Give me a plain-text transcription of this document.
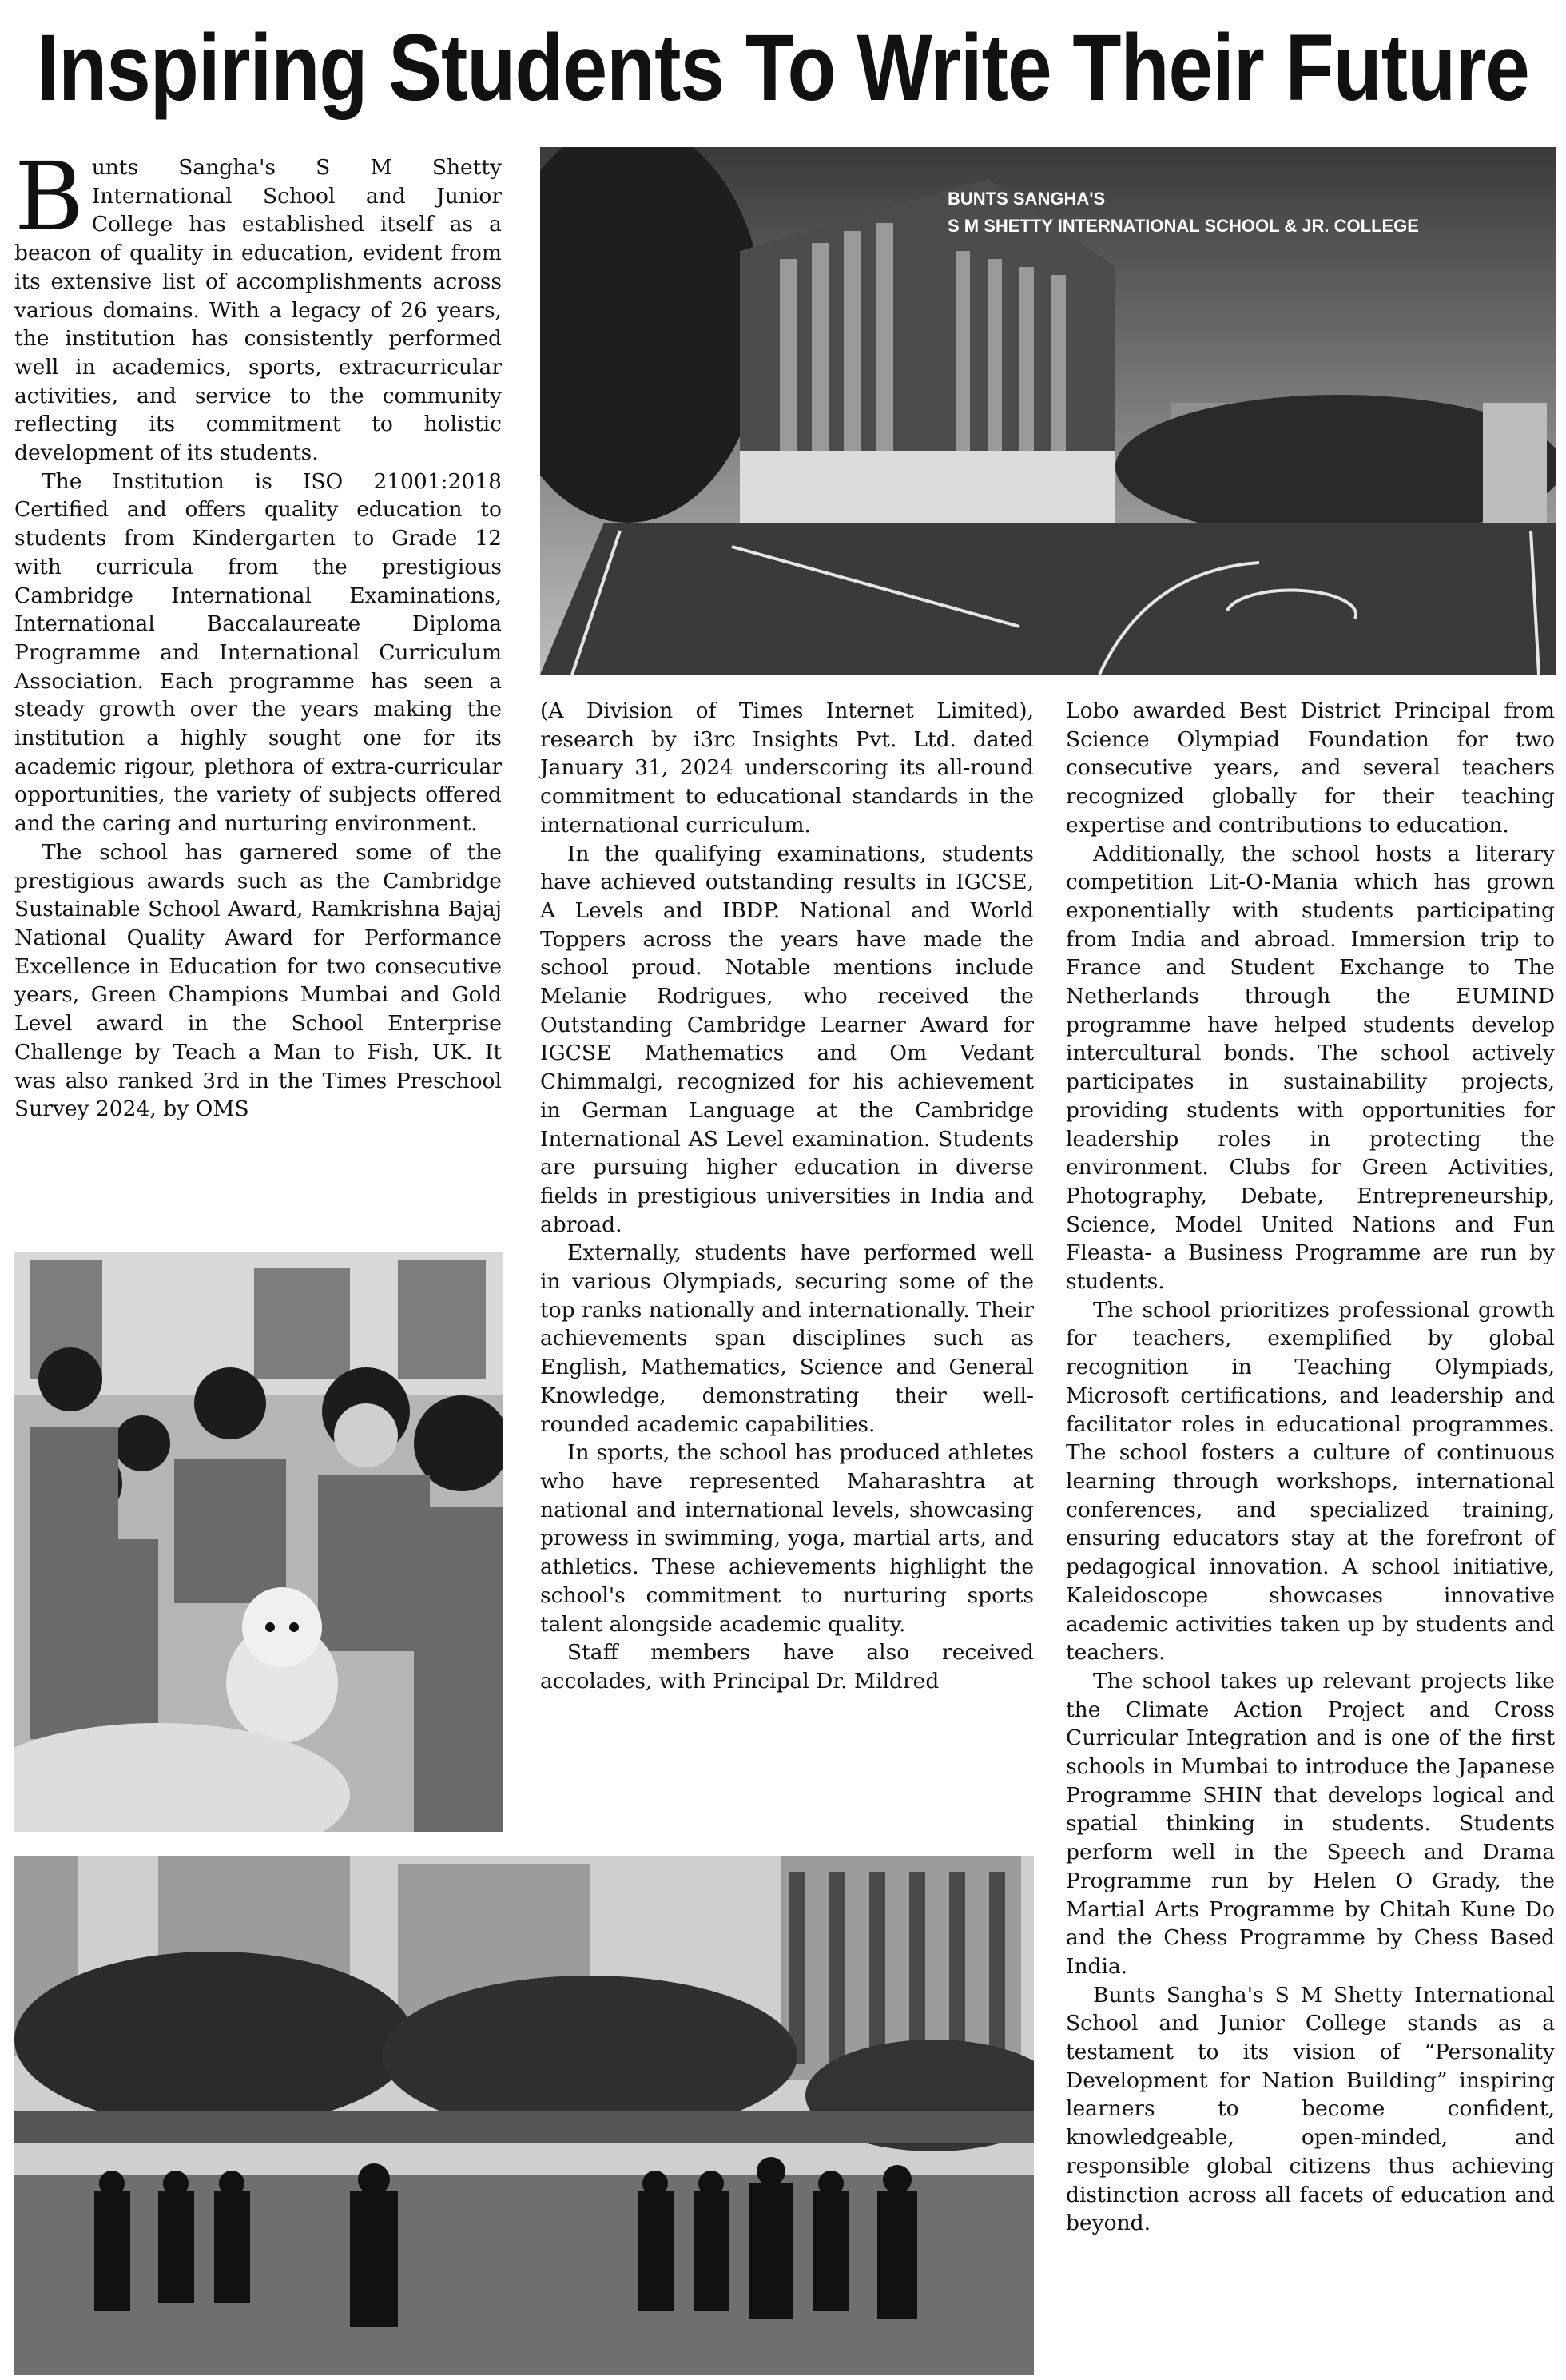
Inspiring Students To Write Their Future

Bunts Sangha's S M Shetty International School and Junior College has established itself as a beacon of quality in education, evident from its extensive list of accomplishments across various domains. With a legacy of 26 years, the institution has consistently performed well in academics, sports, extracurricular activities, and service to the community reflecting its commitment to holistic development of its students.

The Institution is ISO 21001:2018 Certified and offers quality education to students from Kindergarten to Grade 12 with curricula from the prestigious Cambridge International Examinations, International Baccalaureate Diploma Programme and International Curriculum Association. Each programme has seen a steady growth over the years making the institution a highly sought one for its academic rigour, plethora of extra-curricular opportunities, the variety of subjects offered and the caring and nurturing environment.

The school has garnered some of the prestigious awards such as the Cambridge Sustainable School Award, Ramkrishna Bajaj National Quality Award for Performance Excellence in Education for two consecutive years, Green Champions Mumbai and Gold Level award in the School Enterprise Challenge by Teach a Man to Fish, UK. It was also ranked 3rd in the Times Preschool Survey 2024, by OMS

(A Division of Times Internet Limited), research by i3rc Insights Pvt. Ltd. dated January 31, 2024 underscoring its all-round commitment to educational standards in the international curriculum.

In the qualifying examinations, students have achieved outstanding results in IGCSE, A Levels and IBDP. National and World Toppers across the years have made the school proud. Notable mentions include Melanie Rodrigues, who received the Outstanding Cambridge Learner Award for IGCSE Mathematics and Om Vedant Chimmalgi, recognized for his achievement in German Language at the Cambridge International AS Level examination. Students are pursuing higher education in diverse fields in prestigious universities in India and abroad.

Externally, students have performed well in various Olympiads, securing some of the top ranks nationally and internationally. Their achievements span disciplines such as English, Mathematics, Science and General Knowledge, demonstrating their well-rounded academic capabilities.

In sports, the school has produced athletes who have represented Maharashtra at national and international levels, showcasing prowess in swimming, yoga, martial arts, and athletics. These achievements highlight the school's commitment to nurturing sports talent alongside academic quality.

Staff members have also received accolades, with Principal Dr. Mildred

Lobo awarded Best District Principal from Science Olympiad Foundation for two consecutive years, and several teachers recognized globally for their teaching expertise and contributions to education.

Additionally, the school hosts a literary competition Lit-O-Mania which has grown exponentially with students participating from India and abroad. Immersion trip to France and Student Exchange to The Netherlands through the EUMIND programme have helped students develop intercultural bonds. The school actively participates in sustainability projects, providing students with opportunities for leadership roles in protecting the environment. Clubs for Green Activities, Photography, Debate, Entrepreneurship, Science, Model United Nations and Fun Fleasta- a Business Programme are run by students.

The school prioritizes professional growth for teachers, exemplified by global recognition in Teaching Olympiads, Microsoft certifications, and leadership and facilitator roles in educational programmes. The school fosters a culture of continuous learning through workshops, international conferences, and specialized training, ensuring educators stay at the forefront of pedagogical innovation. A school initiative, Kaleidoscope showcases innovative academic activities taken up by students and teachers.

The school takes up relevant projects like the Climate Action Project and Cross Curricular Integration and is one of the first schools in Mumbai to introduce the Japanese Programme SHIN that develops logical and spatial thinking in students. Students perform well in the Speech and Drama Programme run by Helen O Grady, the Martial Arts Programme by Chitah Kune Do and the Chess Programme by Chess Based India.

Bunts Sangha's S M Shetty International School and Junior College stands as a testament to its vision of “Personality Development for Nation Building” inspiring learners to become confident, knowledgeable, open-minded, and responsible global citizens thus achieving distinction across all facets of education and beyond.

BUNTS SANGHA'S
S M SHETTY INTERNATIONAL SCHOOL & JR. COLLEGE
